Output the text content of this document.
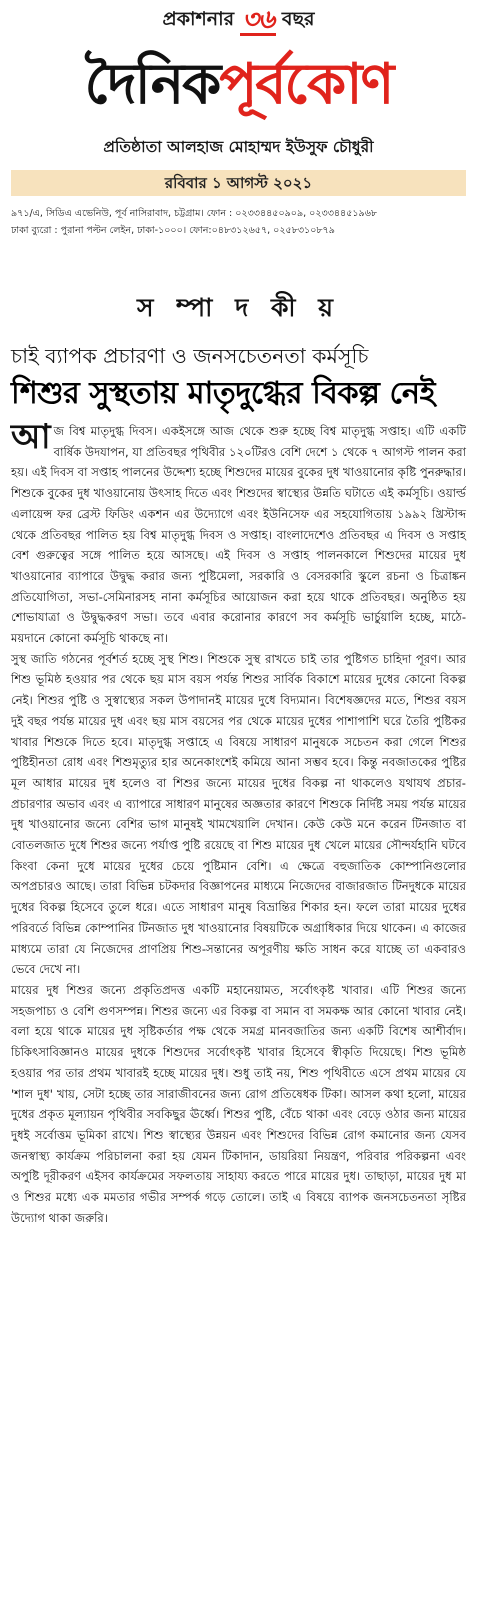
প্রকাশনার ৩৬ বছর
দৈনিক পূর্বকোণ
প্রতিষ্ঠাতা আলহাজ মোহাম্মদ ইউসুফ চৌধুরী
রবিবার ১ আগস্ট ২০২১
৯৭১/এ, সিডিএ এভেনিউ, পূর্ব নাসিরাবাদ, চট্টগ্রাম। ফোন : ০২৩৩৪৪৫০৯০৯, ০২৩৩৪৪৫১৯৬৮
ঢাকা ব্যুরো : পুরানা পল্টন লেইন, ঢাকা-১০০০। ফোন:০৪৮৩১২৬৫৭, ০২৫৮৩১০৮৭৯
স ম্পা দ কী য়
চাই ব্যাপক প্রচারণা ও জনসচেতনতা কর্মসূচি
শিশুর সুস্থতায় মাতৃদুগ্ধের বিকল্প নেই

আজ বিশ্ব মাতৃদুগ্ধ দিবস। একইসঙ্গে আজ থেকে শুরু হচ্ছে বিশ্ব মাতৃদুগ্ধ সপ্তাহ। এটি একটি বার্ষিক উদযাপন, যা প্রতিবছর পৃথিবীর ১২০টিরও বেশি দেশে ১ থেকে ৭ আগস্ট পালন করা হয়। এই দিবস বা সপ্তাহ পালনের উদ্দেশ্য হচ্ছে শিশুদের মায়ের বুকের দুধ খাওয়ানোর কৃষ্টি পুনরুদ্ধার। শিশুকে বুকের দুধ খাওয়ানোয় উৎসাহ দিতে এবং শিশুদের স্বাস্থ্যের উন্নতি ঘটাতে এই কর্মসূচি। ওয়ার্ল্ড এলায়েন্স ফর ব্রেস্ট ফিডিং একশন এর উদ্যোগে এবং ইউনিসেফ এর সহযোগিতায় ১৯৯২ খ্রিস্টাব্দ থেকে প্রতিবছর পালিত হয় বিশ্ব মাতৃদুগ্ধ দিবস ও সপ্তাহ। বাংলাদেশেও প্রতিবছর এ দিবস ও সপ্তাহ বেশ গুরুত্বের সঙ্গে পালিত হয়ে আসছে। এই দিবস ও সপ্তাহ পালনকালে শিশুদের মায়ের দুধ খাওয়ানোর ব্যাপারে উদ্বুদ্ধ করার জন্য পুষ্টিমেলা, সরকারি ও বেসরকারি স্কুলে রচনা ও চিত্রাঙ্কন প্রতিযোগিতা, সভা-সেমিনারসহ নানা কর্মসূচির আয়োজন করা হয়ে থাকে প্রতিবছর। অনুষ্ঠিত হয় শোভাযাত্রা ও উদ্বুদ্ধকরণ সভা। তবে এবার করোনার কারণে সব কর্মসূচি ভার্চুয়ালি হচ্ছে, মাঠে-ময়দানে কোনো কর্মসূচি থাকছে না।

সুস্থ জাতি গঠনের পূর্বশর্ত হচ্ছে সুস্থ শিশু। শিশুকে সুস্থ রাখতে চাই তার পুষ্টিগত চাহিদা পূরণ। আর শিশু ভূমিষ্ঠ হওয়ার পর থেকে ছয় মাস বয়স পর্যন্ত শিশুর সার্বিক বিকাশে মায়ের দুধের কোনো বিকল্প নেই। শিশুর পুষ্টি ও সুস্বাস্থ্যের সকল উপাদানই মায়ের দুধে বিদ্যমান। বিশেষজ্ঞদের মতে, শিশুর বয়স দুই বছর পর্যন্ত মায়ের দুধ এবং ছয় মাস বয়সের পর থেকে মায়ের দুধের পাশাপাশি ঘরে তৈরি পুষ্টিকর খাবার শিশুকে দিতে হবে। মাতৃদুগ্ধ সপ্তাহে এ বিষয়ে সাধারণ মানুষকে সচেতন করা গেলে শিশুর পুষ্টিহীনতা রোধ এবং শিশুমৃত্যুর হার অনেকাংশেই কমিয়ে আনা সম্ভব হবে। কিন্তু নবজাতকের পুষ্টির মূল আধার মায়ের দুধ হলেও বা শিশুর জন্যে মায়ের দুধের বিকল্প না থাকলেও যথাযথ প্রচার-প্রচারণার অভাব এবং এ ব্যাপারে সাধারণ মানুষের অজ্ঞতার কারণে শিশুকে নির্দিষ্ট সময় পর্যন্ত মায়ের দুধ খাওয়ানোর জন্যে বেশির ভাগ মানুষই খামখেয়ালি দেখান। কেউ কেউ মনে করেন টিনজাত বা বোতলজাত দুধে শিশুর জন্যে পর্যাপ্ত পুষ্টি রয়েছে বা শিশু মায়ের দুধ খেলে মায়ের সৌন্দর্যহানি ঘটবে কিংবা কেনা দুধে মায়ের দুধের চেয়ে পুষ্টিমান বেশি। এ ক্ষেত্রে বহুজাতিক কোম্পানিগুলোর অপপ্রচারও আছে। তারা বিভিন্ন চটকদার বিজ্ঞাপনের মাধ্যমে নিজেদের বাজারজাত টিনদুধকে মায়ের দুধের বিকল্প হিসেবে তুলে ধরে। এতে সাধারণ মানুষ বিভ্রান্তির শিকার হন। ফলে তারা মায়ের দুধের পরিবর্তে বিভিন্ন কোম্পানির টিনজাত দুধ খাওয়ানোর বিষয়টিকে অগ্রাধিকার দিয়ে থাকেন। এ কাজের মাধ্যমে তারা যে নিজেদের প্রাণপ্রিয় শিশু-সন্তানের অপূরণীয় ক্ষতি সাধন করে যাচ্ছে তা একবারও ভেবে দেখে না।

মায়ের দুধ শিশুর জন্যে প্রকৃতিপ্রদত্ত একটি মহানেয়ামত, সর্বোৎকৃষ্ট খাবার। এটি শিশুর জন্যে সহজপাচ্য ও বেশি গুণসম্পন্ন। শিশুর জন্যে এর বিকল্প বা সমান বা সমকক্ষ আর কোনো খাবার নেই। বলা হয়ে থাকে মায়ের দুধ সৃষ্টিকর্তার পক্ষ থেকে সমগ্র মানবজাতির জন্য একটি বিশেষ আশীর্বাদ। চিকিৎসাবিজ্ঞানও মায়ের দুধকে শিশুদের সর্বোৎকৃষ্ট খাবার হিসেবে স্বীকৃতি দিয়েছে। শিশু ভূমিষ্ঠ হওয়ার পর তার প্রথম খাবারই হচ্ছে মায়ের দুধ। শুধু তাই নয়, শিশু পৃথিবীতে এসে প্রথম মায়ের যে 'শাল দুধ' খায়, সেটা হচ্ছে তার সারাজীবনের জন্য রোগ প্রতিষেধক টিকা। আসল কথা হলো, মায়ের দুধের প্রকৃত মূল্যায়ন পৃথিবীর সবকিছুর ঊর্ধ্বে। শিশুর পুষ্টি, বেঁচে থাকা এবং বেড়ে ওঠার জন্য মায়ের দুধই সর্বোত্তম ভূমিকা রাখে। শিশু স্বাস্থ্যের উন্নয়ন এবং শিশুদের বিভিন্ন রোগ কমানোর জন্য যেসব জনস্বাস্থ্য কার্যক্রম পরিচালনা করা হয় যেমন টিকাদান, ডায়রিয়া নিয়ন্ত্রণ, পরিবার পরিকল্পনা এবং অপুষ্টি দূরীকরণ এইসব কার্যক্রমের সফলতায় সাহায্য করতে পারে মায়ের দুধ। তাছাড়া, মায়ের দুধ মা ও শিশুর মধ্যে এক মমতার গভীর সম্পর্ক গড়ে তোলে। তাই এ বিষয়ে ব্যাপক জনসচেতনতা সৃষ্টির উদ্যোগ থাকা জরুরি।
